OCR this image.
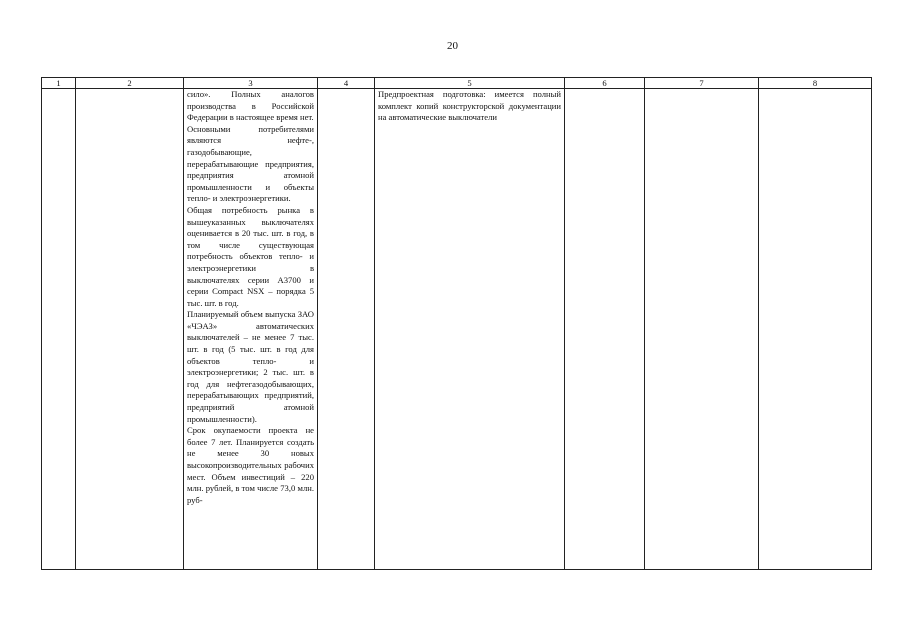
20
1	2	3	4	5	6	7	8

		сило». Полных аналогов производства в Российской Федерации в настоящее время нет.

Основными потребителями являются нефте-, газодобывающие, перерабатывающие предприятия, предприятия атомной промышленности и объекты тепло- и электроэнергетики.

Общая потребность рынка в вышеуказанных выключателях оценивается в 20 тыс. шт. в год, в том числе существующая потребность объектов тепло- и электроэнергетики в выключателях серии А3700 и серии Compact NSX – порядка 5 тыс. шт. в год.

Планируемый объем выпуска ЗАО «ЧЭАЗ» автоматических выключателей – не менее 7 тыс. шт. в год (5 тыс. шт. в год для объектов тепло- и электроэнергетики; 2 тыс. шт. в год для нефтегазодобывающих, перерабатывающих предприятий, предприятий атомной промышленности).

Срок окупаемости проекта не более 7 лет. Планируется создать не менее 30 новых высокопроизводительных рабочих мест. Объем инвестиций – 220 млн. рублей, в том числе 73,0 млн. руб-		Предпроектная подготовка: имеется полный комплект копий конструкторской документации на автоматические выключатели			
